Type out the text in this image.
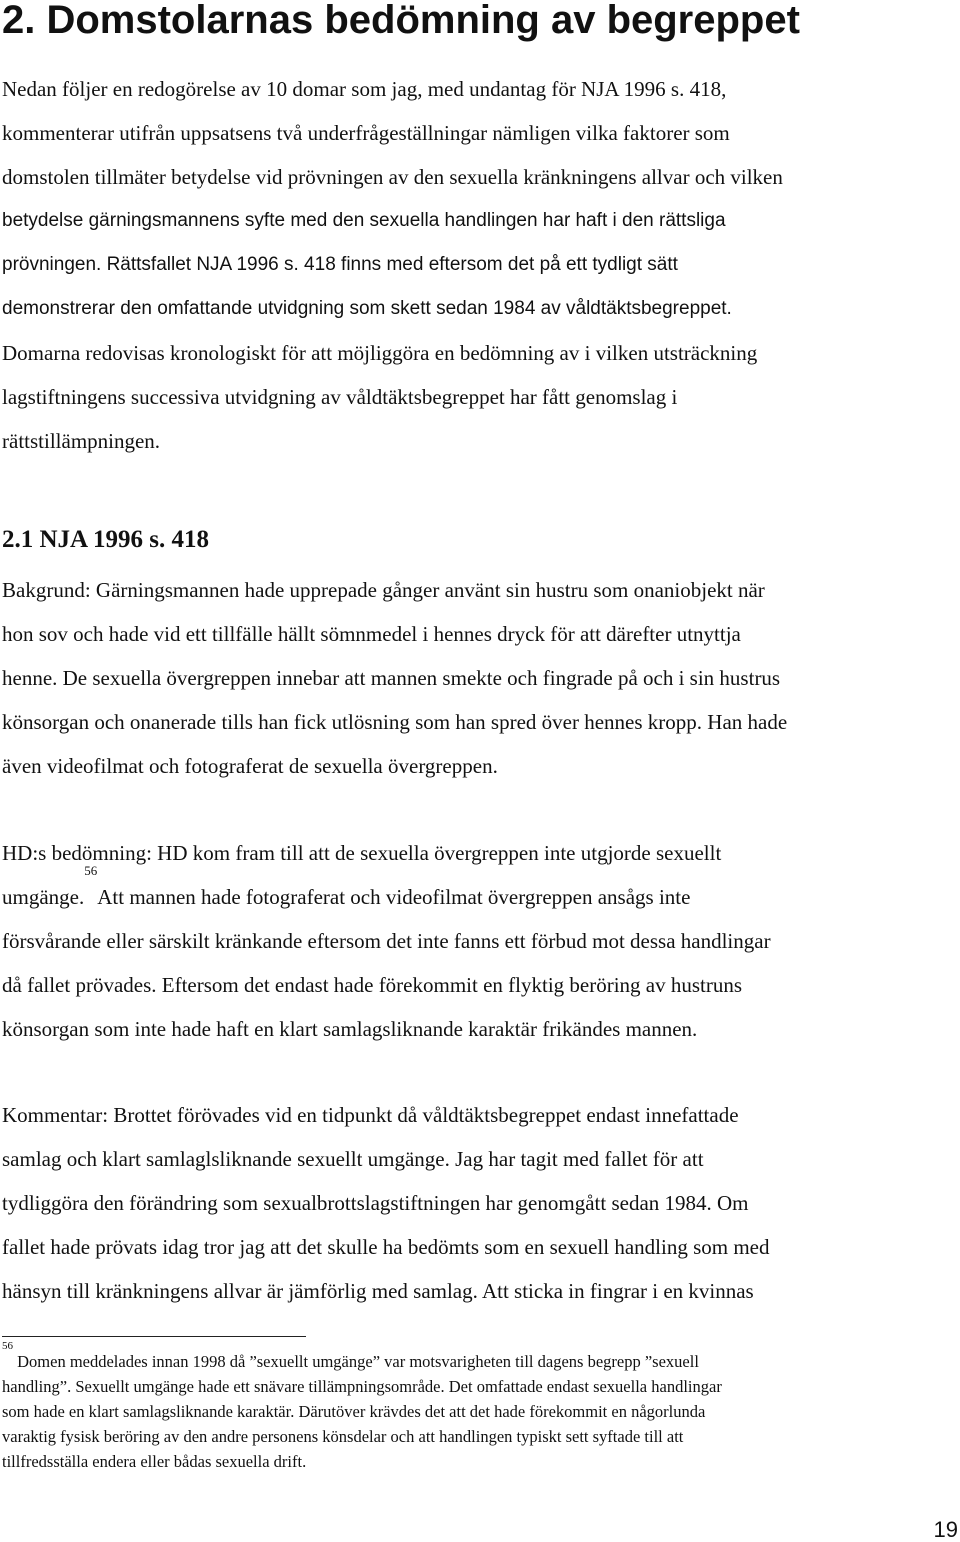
2. Domstolarnas bedömning av begreppet
Nedan följer en redogörelse av 10 domar som jag, med undantag för NJA 1996 s. 418,
kommenterar utifrån uppsatsens två underfrågeställningar nämligen vilka faktorer som
domstolen tillmäter betydelse vid prövningen av den sexuella kränkningens allvar och vilken
betydelse gärningsmannens syfte med den sexuella handlingen har haft i den rättsliga
prövningen. Rättsfallet NJA 1996 s. 418 finns med eftersom det på ett tydligt sätt
demonstrerar den omfattande utvidgning som skett sedan 1984 av våldtäktsbegreppet.
Domarna redovisas kronologiskt för att möjliggöra en bedömning av i vilken utsträckning
lagstiftningens successiva utvidgning av våldtäktsbegreppet har fått genomslag i
rättstillämpningen.
2.1 NJA 1996 s. 418
Bakgrund: Gärningsmannen hade upprepade gånger använt sin hustru som onaniobjekt när
hon sov och hade vid ett tillfälle hällt sömnmedel i hennes dryck för att därefter utnyttja
henne. De sexuella övergreppen innebar att mannen smekte och fingrade på och i sin hustrus
könsorgan och onanerade tills han fick utlösning som han spred över hennes kropp. Han hade
även videofilmat och fotograferat de sexuella övergreppen.
HD:s bedömning: HD kom fram till att de sexuella övergreppen inte utgjorde sexuellt
umgänge.$^{56}$Att mannen hade fotograferat och videofilmat övergreppen ansågs inte
försvårande eller särskilt kränkande eftersom det inte fanns ett förbud mot dessa handlingar
då fallet prövades. Eftersom det endast hade förekommit en flyktig beröring av hustruns
könsorgan som inte hade haft en klart samlagsliknande karaktär frikändes mannen.
Kommentar: Brottet förövades vid en tidpunkt då våldtäktsbegreppet endast innefattade
samlag och klart samlaglsliknande sexuellt umgänge. Jag har tagit med fallet för att
tydliggöra den förändring som sexualbrottslagstiftningen har genomgått sedan 1984. Om
fallet hade prövats idag tror jag att det skulle ha bedömts som en sexuell handling som med
hänsyn till kränkningens allvar är jämförlig med samlag. Att sticka in fingrar i en kvinnas
$^{56}$ Domen meddelades innan 1998 då ”sexuellt umgänge” var motsvarigheten till dagens begrepp ”sexuell
handling”. Sexuellt umgänge hade ett snävare tillämpningsområde. Det omfattade endast sexuella handlingar
som hade en klart samlagsliknande karaktär. Därutöver krävdes det att det hade förekommit en någorlunda
varaktig fysisk beröring av den andre personens könsdelar och att handlingen typiskt sett syftade till att
tillfredsställa endera eller bådas sexuella drift.
19
